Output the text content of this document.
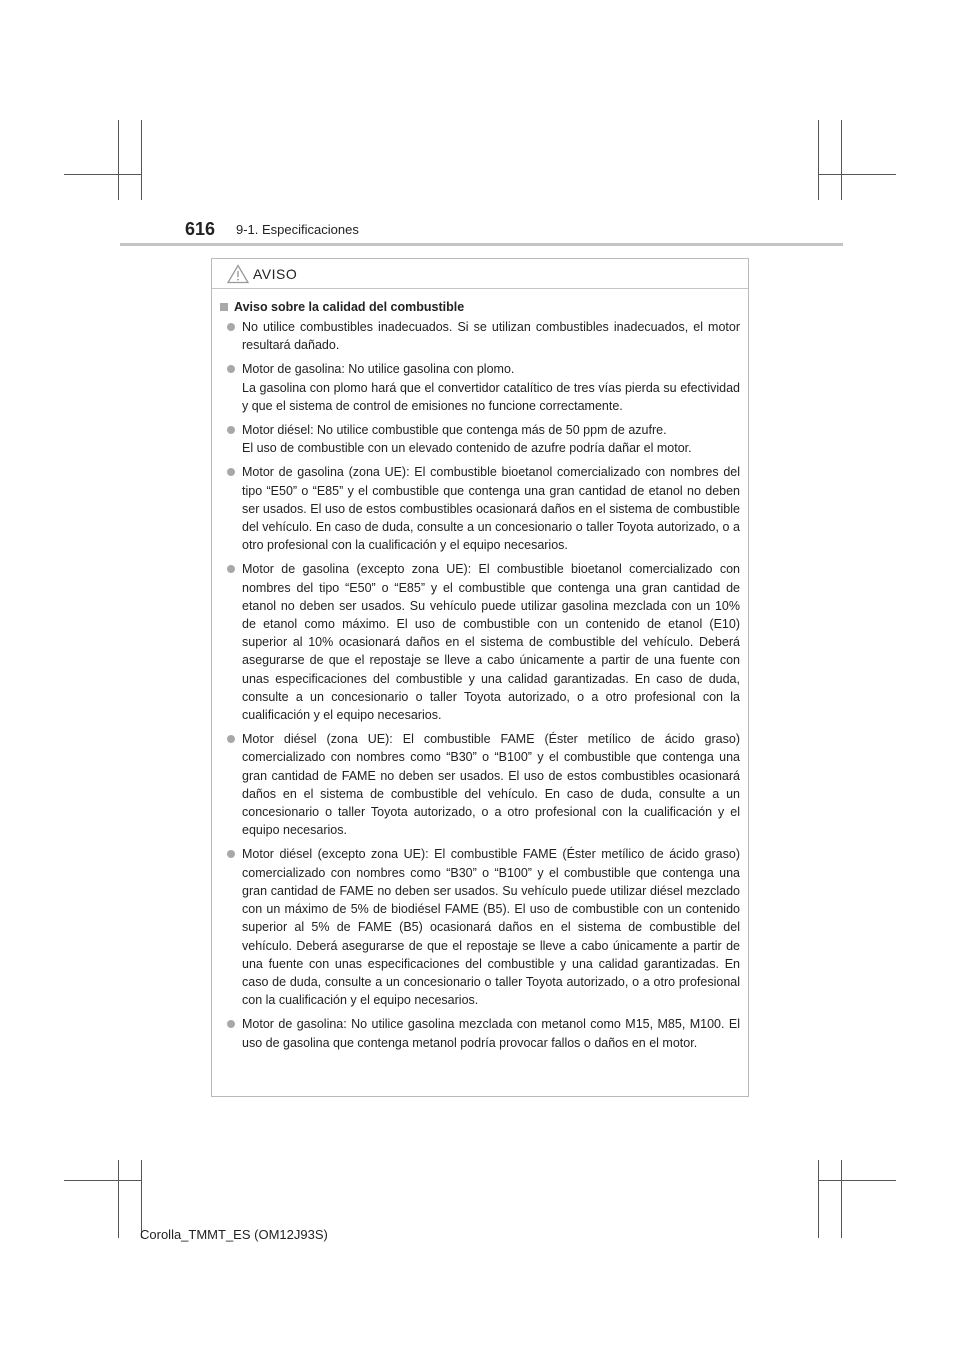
616 9-1. Especificaciones
AVISO
Aviso sobre la calidad del combustible
No utilice combustibles inadecuados. Si se utilizan combustibles inadecuados, el motor resultará dañado.
Motor de gasolina: No utilice gasolina con plomo.
La gasolina con plomo hará que el convertidor catalítico de tres vías pierda su efectividad y que el sistema de control de emisiones no funcione correctamente.
Motor diésel: No utilice combustible que contenga más de 50 ppm de azufre.
El uso de combustible con un elevado contenido de azufre podría dañar el motor.
Motor de gasolina (zona UE): El combustible bioetanol comercializado con nombres del tipo “E50” o “E85” y el combustible que contenga una gran cantidad de etanol no deben ser usados. El uso de estos combustibles ocasionará daños en el sistema de combustible del vehículo. En caso de duda, consulte a un concesionario o taller Toyota autorizado, o a otro profesional con la cualificación y el equipo necesarios.
Motor de gasolina (excepto zona UE): El combustible bioetanol comercializado con nombres del tipo “E50” o “E85” y el combustible que contenga una gran cantidad de etanol no deben ser usados. Su vehículo puede utilizar gasolina mezclada con un 10% de etanol como máximo. El uso de combustible con un contenido de etanol (E10) superior al 10% ocasionará daños en el sistema de combustible del vehículo. Deberá asegurarse de que el repostaje se lleve a cabo únicamente a partir de una fuente con unas especificaciones del combustible y una calidad garantizadas. En caso de duda, consulte a un concesionario o taller Toyota autorizado, o a otro profesional con la cualificación y el equipo necesarios.
Motor diésel (zona UE): El combustible FAME (Éster metílico de ácido graso) comercializado con nombres como “B30” o “B100” y el combustible que contenga una gran cantidad de FAME no deben ser usados. El uso de estos combustibles ocasionará daños en el sistema de combustible del vehículo. En caso de duda, consulte a un concesionario o taller Toyota autorizado, o a otro profesional con la cualificación y el equipo necesarios.
Motor diésel (excepto zona UE): El combustible FAME (Éster metílico de ácido graso) comercializado con nombres como “B30” o “B100” y el combustible que contenga una gran cantidad de FAME no deben ser usados. Su vehículo puede utilizar diésel mezclado con un máximo de 5% de biodiésel FAME (B5). El uso de combustible con un contenido superior al 5% de FAME (B5) ocasionará daños en el sistema de combustible del vehículo. Deberá asegurarse de que el repostaje se lleve a cabo únicamente a partir de una fuente con unas especificaciones del combustible y una calidad garantizadas. En caso de duda, consulte a un concesionario o taller Toyota autorizado, o a otro profesional con la cualificación y el equipo necesarios.
Motor de gasolina: No utilice gasolina mezclada con metanol como M15, M85, M100. El uso de gasolina que contenga metanol podría provocar fallos o daños en el motor.
Corolla_TMMT_ES (OM12J93S)
